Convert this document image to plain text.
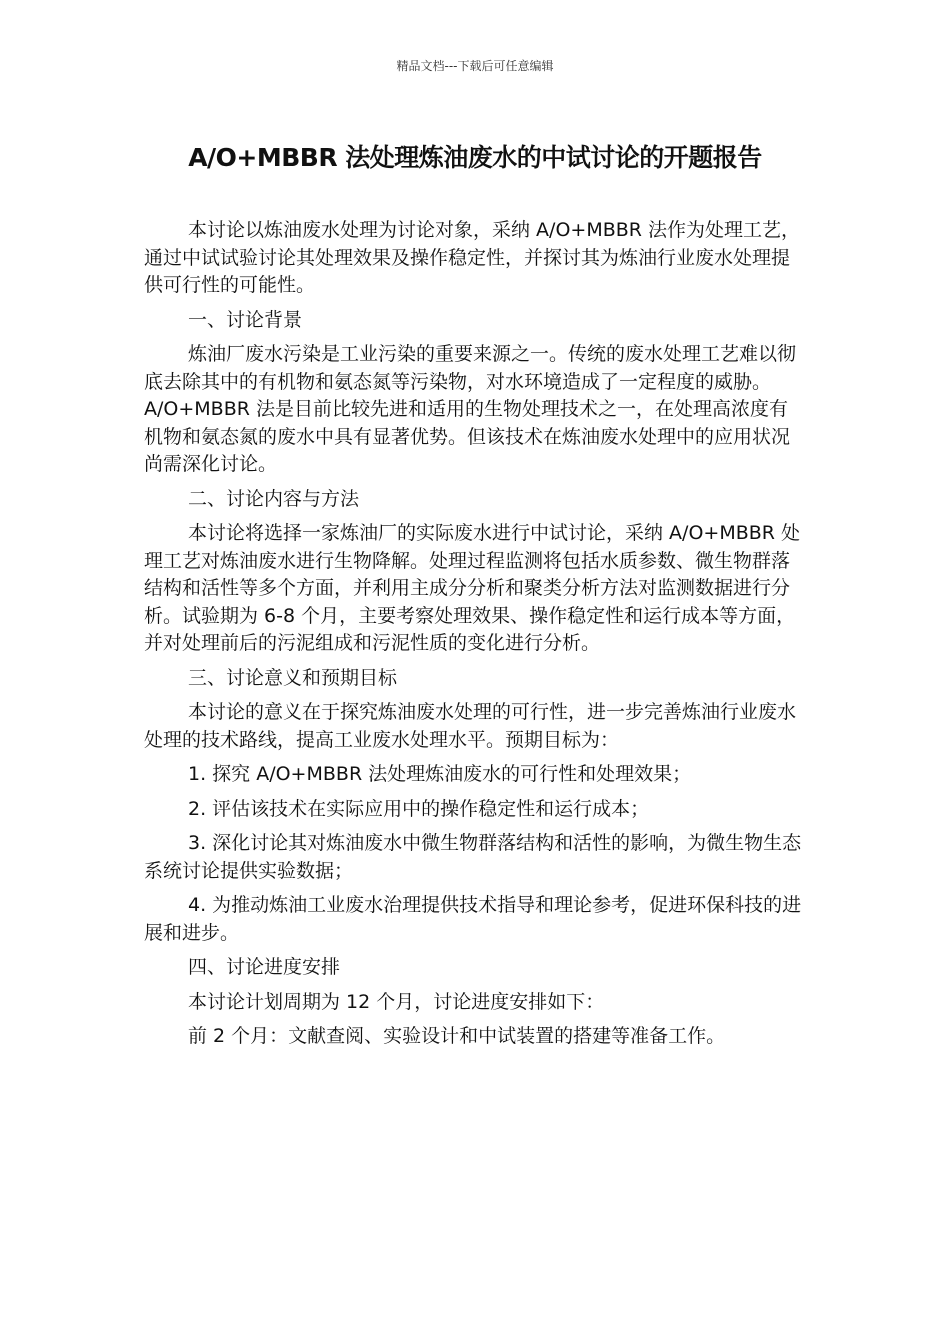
精品文档---下载后可任意编辑
A/O+MBBR 法处理炼油废水的中试讨论的开题报告

本讨论以炼油废水处理为讨论对象，采纳 A/O+MBBR 法作为处理工艺，通过中试试验讨论其处理效果及操作稳定性，并探讨其为炼油行业废水处理提供可行性的可能性。

一、讨论背景

炼油厂废水污染是工业污染的重要来源之一。传统的废水处理工艺难以彻底去除其中的有机物和氨态氮等污染物，对水环境造成了一定程度的威胁。A/O+MBBR 法是目前比较先进和适用的生物处理技术之一，在处理高浓度有机物和氨态氮的废水中具有显著优势。但该技术在炼油废水处理中的应用状况尚需深化讨论。

二、讨论内容与方法

本讨论将选择一家炼油厂的实际废水进行中试讨论，采纳 A/O+MBBR 处理工艺对炼油废水进行生物降解。处理过程监测将包括水质参数、微生物群落结构和活性等多个方面，并利用主成分分析和聚类分析方法对监测数据进行分析。试验期为 6-8 个月，主要考察处理效果、操作稳定性和运行成本等方面，并对处理前后的污泥组成和污泥性质的变化进行分析。

三、讨论意义和预期目标

本讨论的意义在于探究炼油废水处理的可行性，进一步完善炼油行业废水处理的技术路线，提高工业废水处理水平。预期目标为：

1. 探究 A/O+MBBR 法处理炼油废水的可行性和处理效果；

2. 评估该技术在实际应用中的操作稳定性和运行成本；

3. 深化讨论其对炼油废水中微生物群落结构和活性的影响，为微生物生态系统讨论提供实验数据；

4. 为推动炼油工业废水治理提供技术指导和理论参考，促进环保科技的进展和进步。

四、讨论进度安排

本讨论计划周期为 12 个月，讨论进度安排如下：

前 2 个月：文献查阅、实验设计和中试装置的搭建等准备工作。
